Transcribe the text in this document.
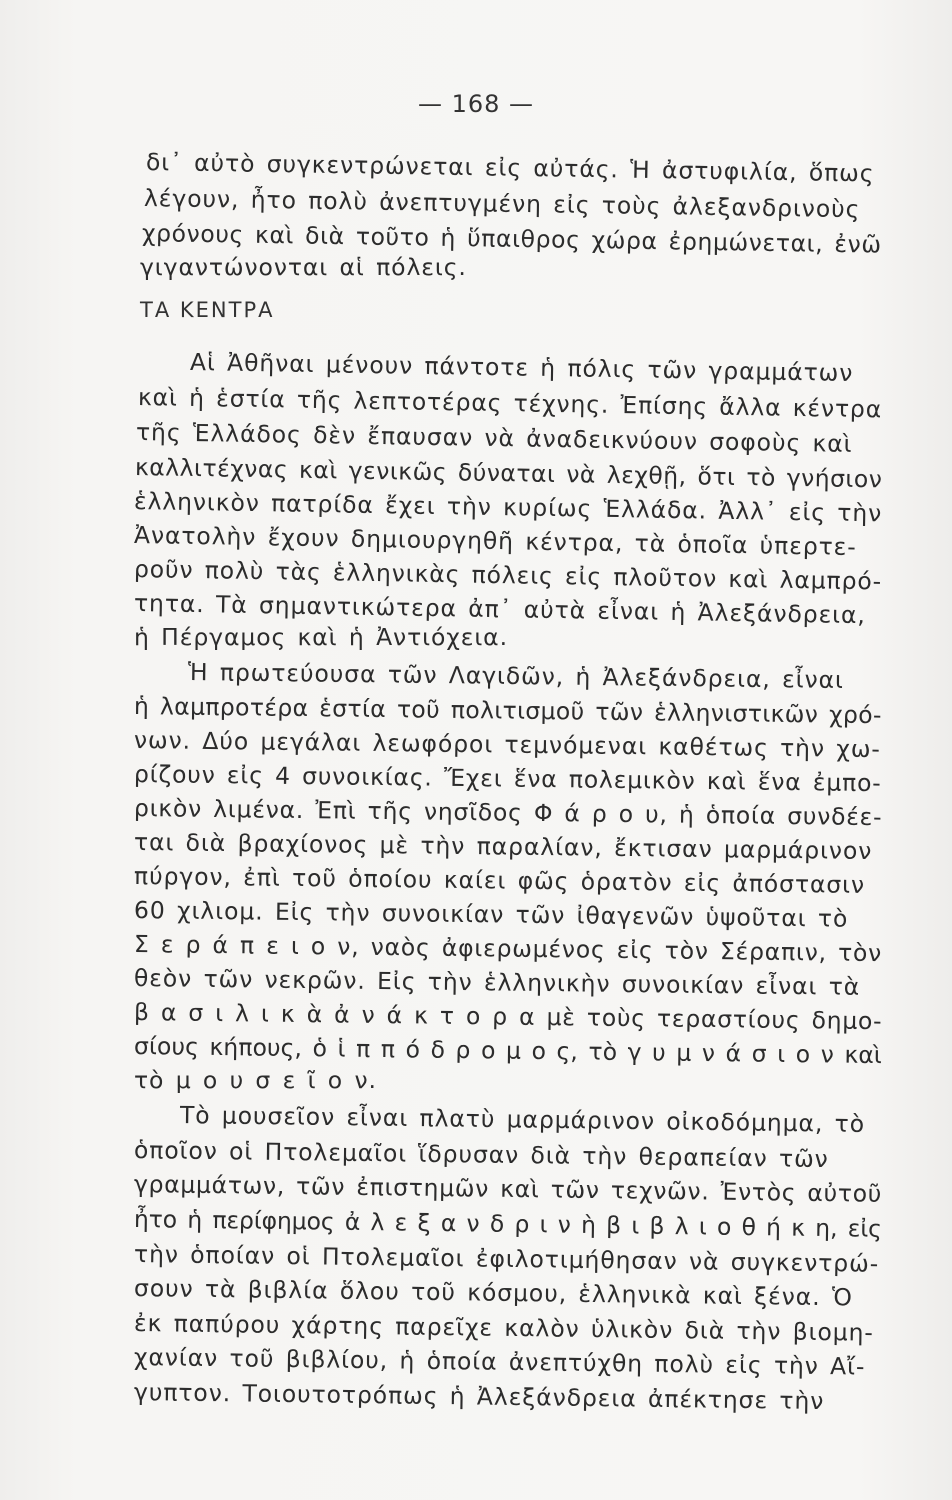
— 168 —
δι᾽ αὐτὸ συγκεντρώνεται εἰς αὐτάς. Ἡ ἀστυφιλία, ὅπως
λέγουν, ἦτο πολὺ ἀνεπτυγμένη εἰς τοὺς ἀλεξανδρινοὺς
χρόνους καὶ διὰ τοῦτο ἡ ὕπαιθρος χώρα ἐρημώνεται, ἐνῶ
γιγαντώνονται αἱ πόλεις.
ΤΑ ΚΕΝΤΡΑ
Αἱ Ἀθῆναι μένουν πάντοτε ἡ πόλις τῶν γραμμάτων
καὶ ἡ ἑστία τῆς λεπτοτέρας τέχνης. Ἐπίσης ἄλλα κέντρα
τῆς Ἑλλάδος δὲν ἔπαυσαν νὰ ἀναδεικνύουν σοφοὺς καὶ
καλλιτέχνας καὶ γενικῶς δύναται νὰ λεχθῇ, ὅτι τὸ γνήσιον
ἑλληνικὸν πατρίδα ἔχει τὴν κυρίως Ἑλλάδα. Ἀλλ᾽ εἰς τὴν
Ἀνατολὴν ἔχουν δημιουργηθῆ κέντρα, τὰ ὁποῖα ὑπερτε-
ροῦν πολὺ τὰς ἑλληνικὰς πόλεις εἰς πλοῦτον καὶ λαμπρό-
τητα. Τὰ σημαντικώτερα ἀπ᾽ αὐτὰ εἶναι ἡ Ἀλεξάνδρεια,
ἡ Πέργαμος καὶ ἡ Ἀντιόχεια.
Ἡ πρωτεύουσα τῶν Λαγιδῶν, ἡ Ἀλεξάνδρεια, εἶναι
ἡ λαμπροτέρα ἑστία τοῦ πολιτισμοῦ τῶν ἑλληνιστικῶν χρό-
νων. Δύο μεγάλαι λεωφόροι τεμνόμεναι καθέτως τὴν χω-
ρίζουν εἰς 4 συνοικίας. Ἔχει ἕνα πολεμικὸν καὶ ἕνα ἐμπο-
ρικὸν λιμένα. Ἐπὶ τῆς νησῖδος Φ ά ρ ο υ, ἡ ὁποία συνδέε-
ται διὰ βραχίονος μὲ τὴν παραλίαν, ἔκτισαν μαρμάρινον
πύργον, ἐπὶ τοῦ ὁποίου καίει φῶς ὁρατὸν εἰς ἀπόστασιν
60 χιλιομ. Εἰς τὴν συνοικίαν τῶν ἰθαγενῶν ὑψοῦται τὸ
Σ ε ρ ά π ε ι ο ν, ναὸς ἀφιερωμένος εἰς τὸν Σέραπιν, τὸν
θεὸν τῶν νεκρῶν. Εἰς τὴν ἑλληνικὴν συνοικίαν εἶναι τὰ
β α σ ι λ ι κ ὰ ἀ ν ά κ τ ο ρ α μὲ τοὺς τεραστίους δημο-
σίους κήπους, ὁ ἱ π π ό δ ρ ο μ ο ς, τὸ γ υ μ ν ά σ ι ο ν καὶ
τὸ μ ο υ σ ε ῖ ο ν.
Τὸ μουσεῖον εἶναι πλατὺ μαρμάρινον οἰκοδόμημα, τὸ
ὁποῖον οἱ Πτολεμαῖοι ἵδρυσαν διὰ τὴν θεραπείαν τῶν
γραμμάτων, τῶν ἐπιστημῶν καὶ τῶν τεχνῶν. Ἐντὸς αὐτοῦ
ἦτο ἡ περίφημος ἀ λ ε ξ α ν δ ρ ι ν ὴ β ι β λ ι ο θ ή κ η, εἰς
τὴν ὁποίαν οἱ Πτολεμαῖοι ἐφιλοτιμήθησαν νὰ συγκεντρώ-
σουν τὰ βιβλία ὅλου τοῦ κόσμου, ἑλληνικὰ καὶ ξένα. Ὁ
ἐκ παπύρου χάρτης παρεῖχε καλὸν ὑλικὸν διὰ τὴν βιομη-
χανίαν τοῦ βιβλίου, ἡ ὁποία ἀνεπτύχθη πολὺ εἰς τὴν Αἴ-
γυπτον. Τοιουτοτρόπως ἡ Ἀλεξάνδρεια ἀπέκτησε τὴν
